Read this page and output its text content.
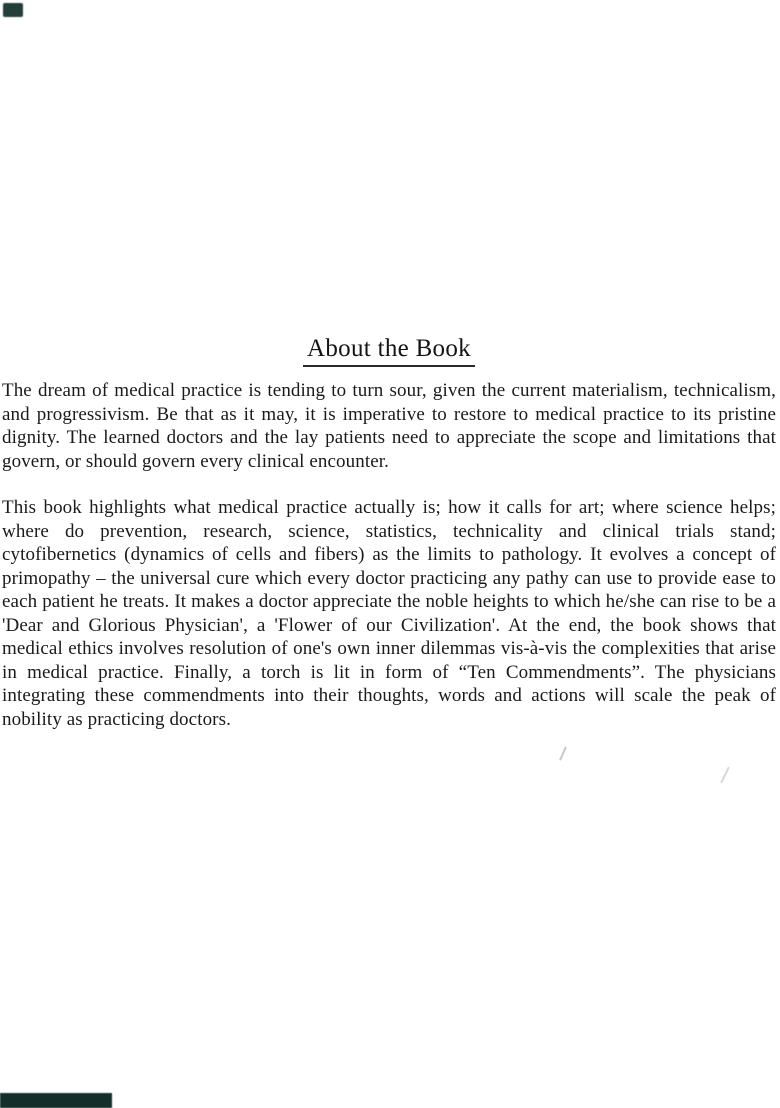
About the Book

The dream of medical practice is tending to turn sour, given the current materialism, technicalism, and progressivism. Be that as it may, it is imperative to restore to medical practice to its pristine dignity. The learned doctors and the lay patients need to appreciate the scope and limitations that govern, or should govern every clinical encounter.

This book highlights what medical practice actually is; how it calls for art; where science helps; where do prevention, research, science, statistics, technicality and clinical trials stand; cytofibernetics (dynamics of cells and fibers) as the limits to pathology. It evolves a concept of primopathy – the universal cure which every doctor practicing any pathy can use to provide ease to each patient he treats. It makes a doctor appreciate the noble heights to which he/she can rise to be a 'Dear and Glorious Physician', a 'Flower of our Civilization'. At the end, the book shows that medical ethics involves resolution of one's own inner dilemmas vis-à-vis the complexities that arise in medical practice. Finally, a torch is lit in form of “Ten Commendments”. The physicians integrating these commendments into their thoughts, words and actions will scale the peak of nobility as practicing doctors.
